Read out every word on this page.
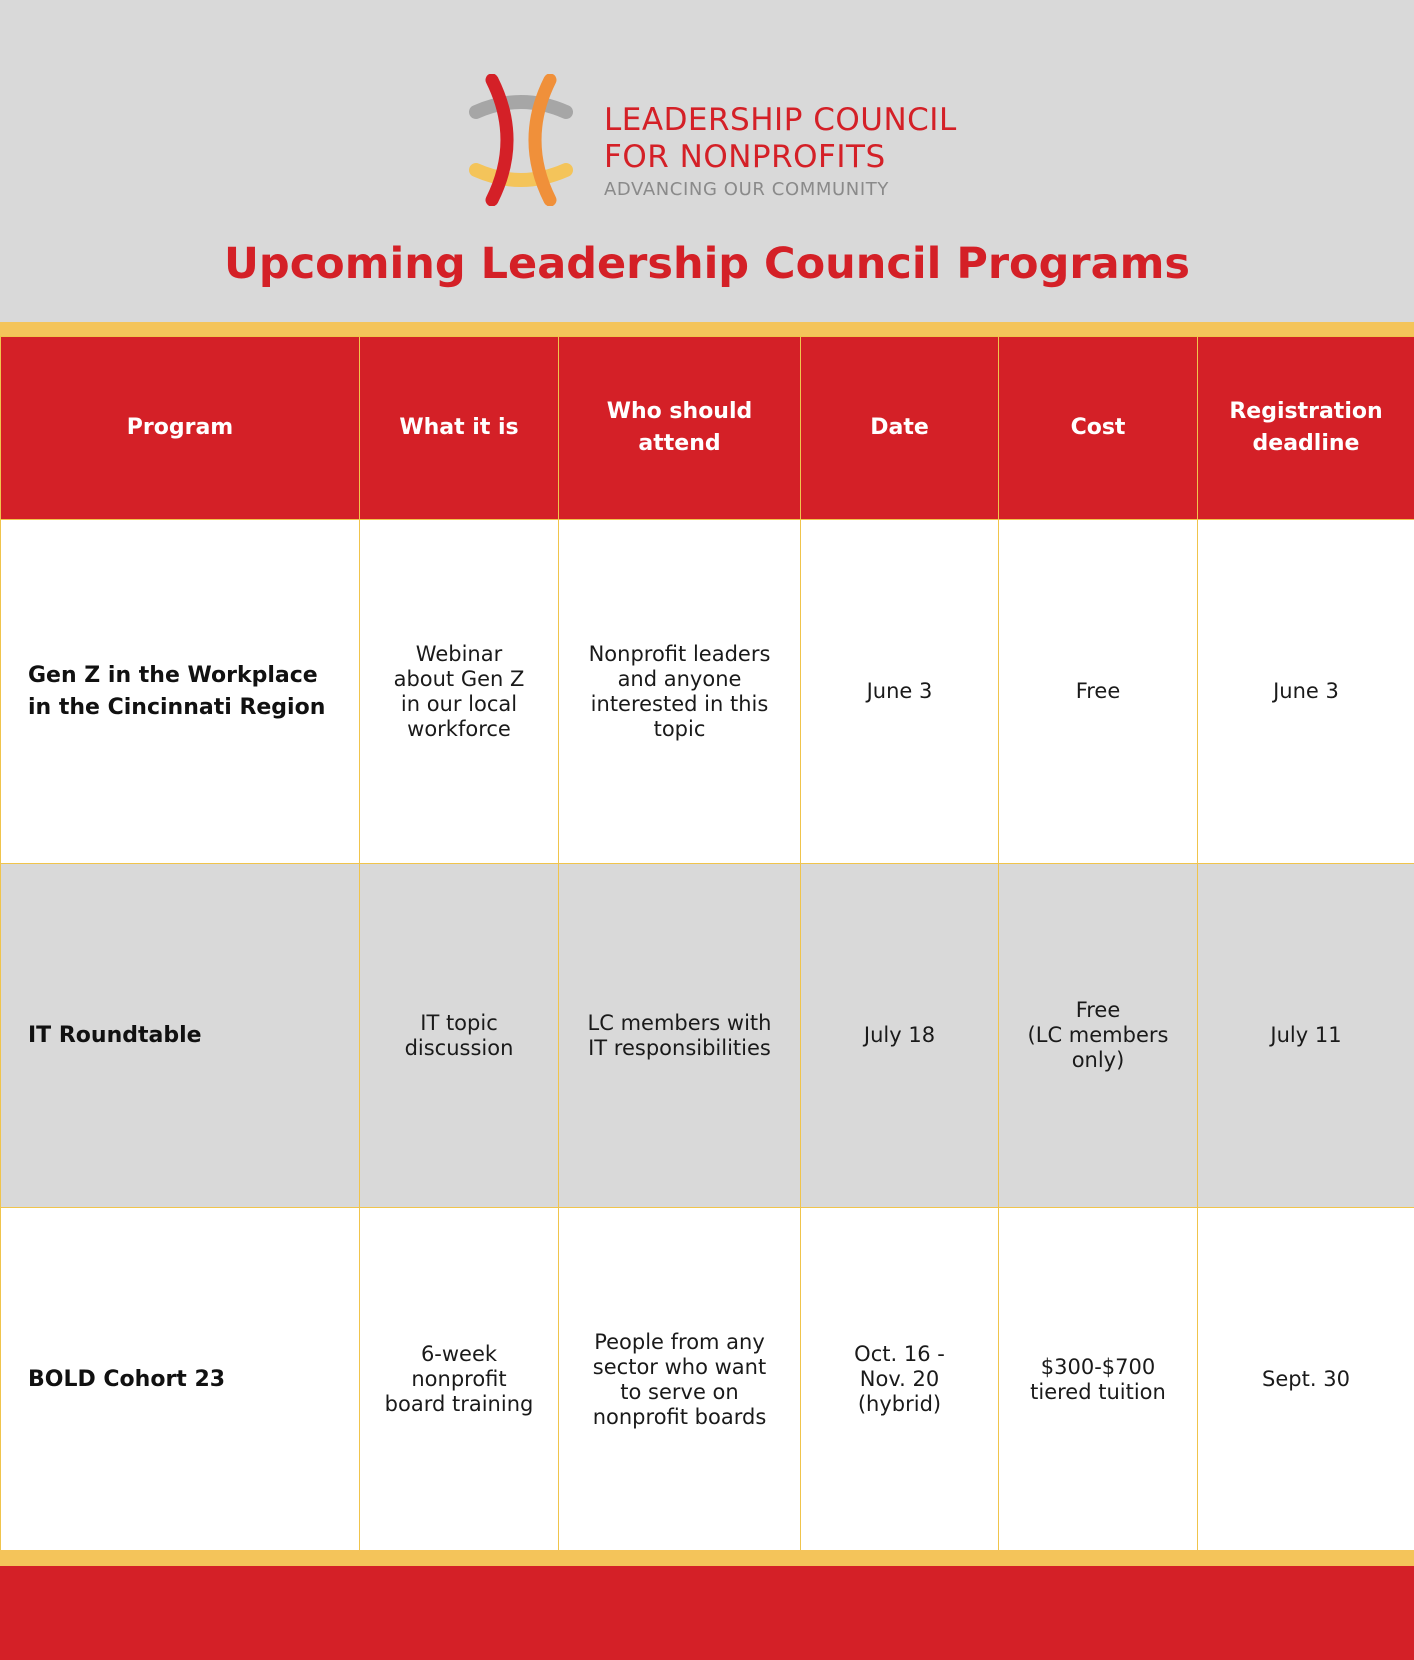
LEADERSHIP COUNCIL
FOR NONPROFITS
ADVANCING OUR COMMUNITY
Upcoming Leadership Council Programs
Program	What it is	Who should
attend	Date	Cost	Registration
deadline
Gen Z in the Workplace
in the Cincinnati Region	Webinar
about Gen Z
in our local
workforce	Nonprofit leaders
and anyone
interested in this
topic	June 3	Free	June 3
IT Roundtable	IT topic
discussion	LC members with
IT responsibilities	July 18	Free
(LC members
only)	July 11
BOLD Cohort 23	6-week
nonprofit
board training	People from any
sector who want
to serve on
nonprofit boards	Oct. 16 -
Nov. 20
(hybrid)	$300-$700
tiered tuition	Sept. 30
